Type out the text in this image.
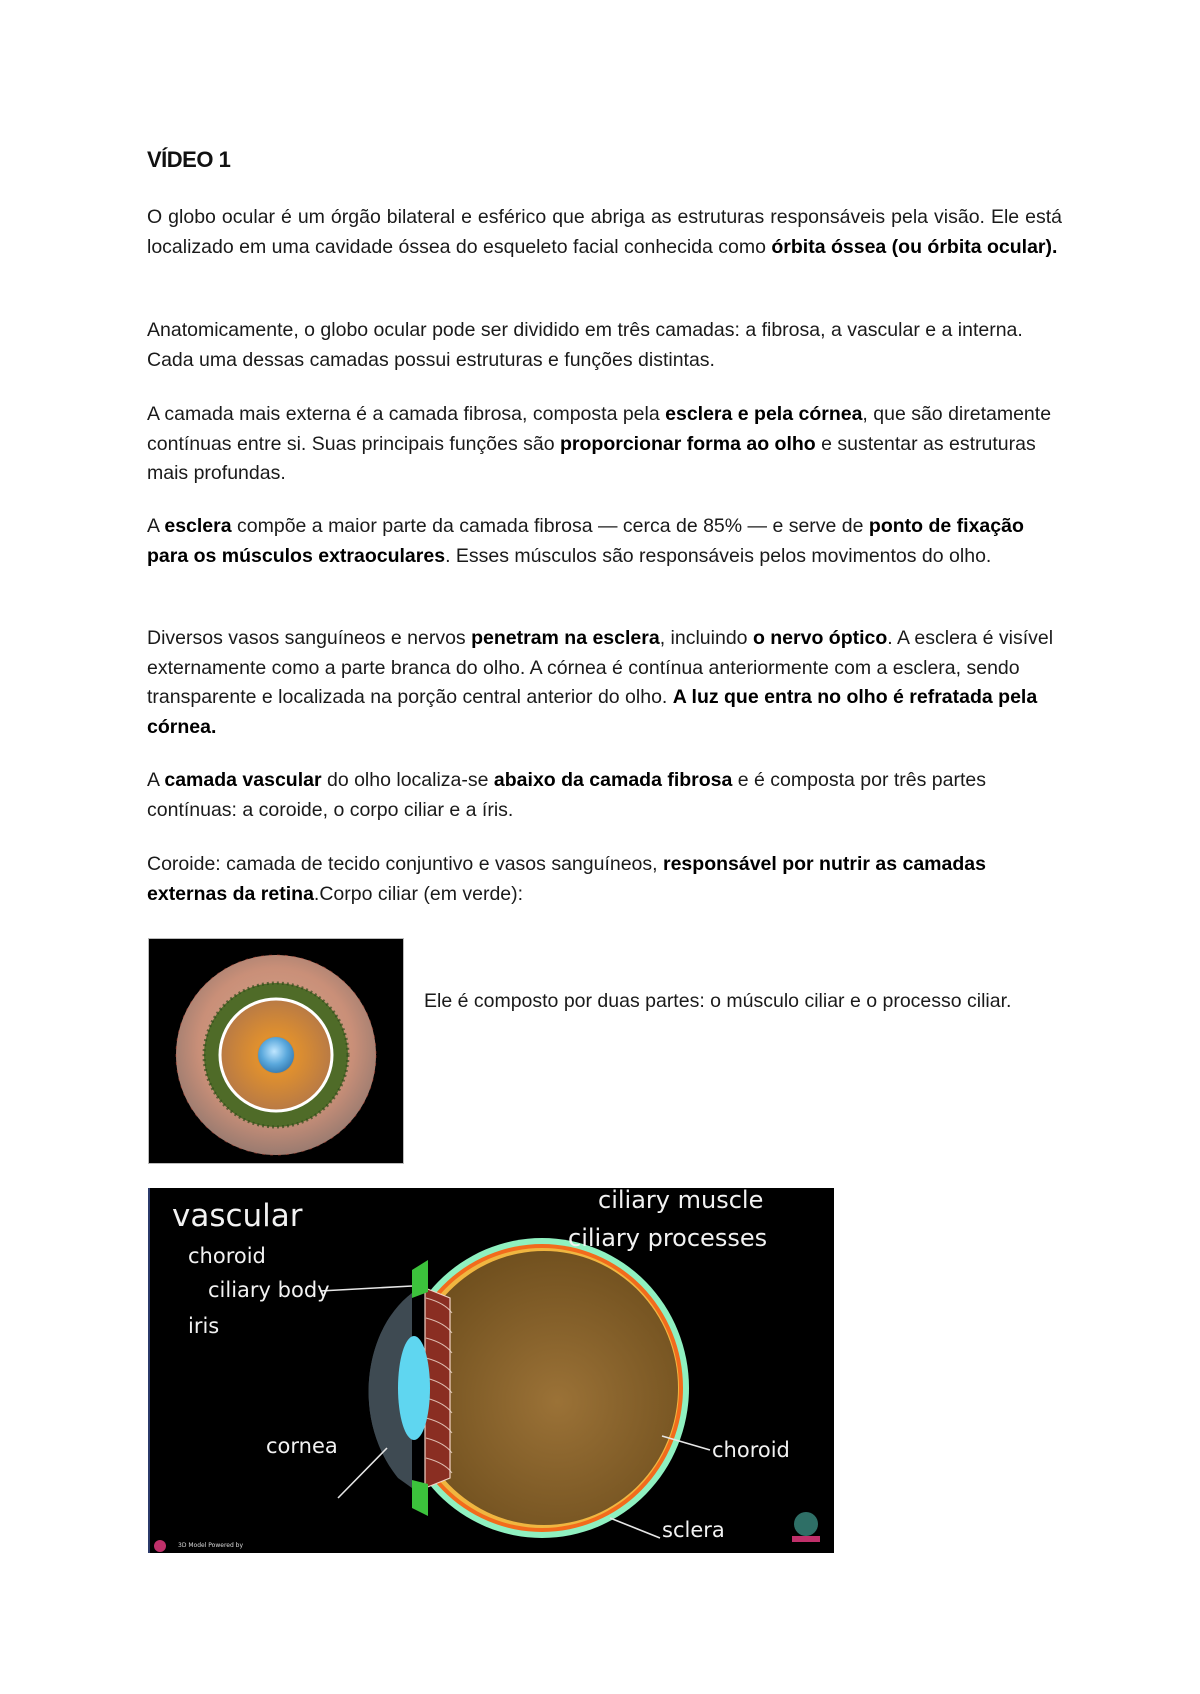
VÍDEO 1

O globo ocular é um órgão bilateral e esférico que abriga as estruturas responsáveis pela visão. Ele está localizado em uma cavidade óssea do esqueleto facial conhecida como órbita óssea (ou órbita ocular).

Anatomicamente, o globo ocular pode ser dividido em três camadas: a fibrosa, a vascular e a interna. Cada uma dessas camadas possui estruturas e funções distintas.

A camada mais externa é a camada fibrosa, composta pela esclera e pela córnea, que são diretamente contínuas entre si. Suas principais funções são proporcionar forma ao olho e sustentar as estruturas mais profundas.

A esclera compõe a maior parte da camada fibrosa — cerca de 85% — e serve de ponto de fixação para os músculos extraoculares. Esses músculos são responsáveis pelos movimentos do olho.

Diversos vasos sanguíneos e nervos penetram na esclera, incluindo o nervo óptico. A esclera é visível externamente como a parte branca do olho. A córnea é contínua anteriormente com a esclera, sendo transparente e localizada na porção central anterior do olho. A luz que entra no olho é refratada pela córnea.

A camada vascular do olho localiza-se abaixo da camada fibrosa e é composta por três partes contínuas: a coroide, o corpo ciliar e a íris.

Coroide: camada de tecido conjuntivo e vasos sanguíneos, responsável por nutrir as camadas externas da retina.Corpo ciliar (em verde):

Ele é composto por duas partes: o músculo ciliar e o processo ciliar.

vascular
choroid
ciliary body
iris
cornea
ciliary muscle
ciliary processes
choroid
sclera
3D Model Powered by
